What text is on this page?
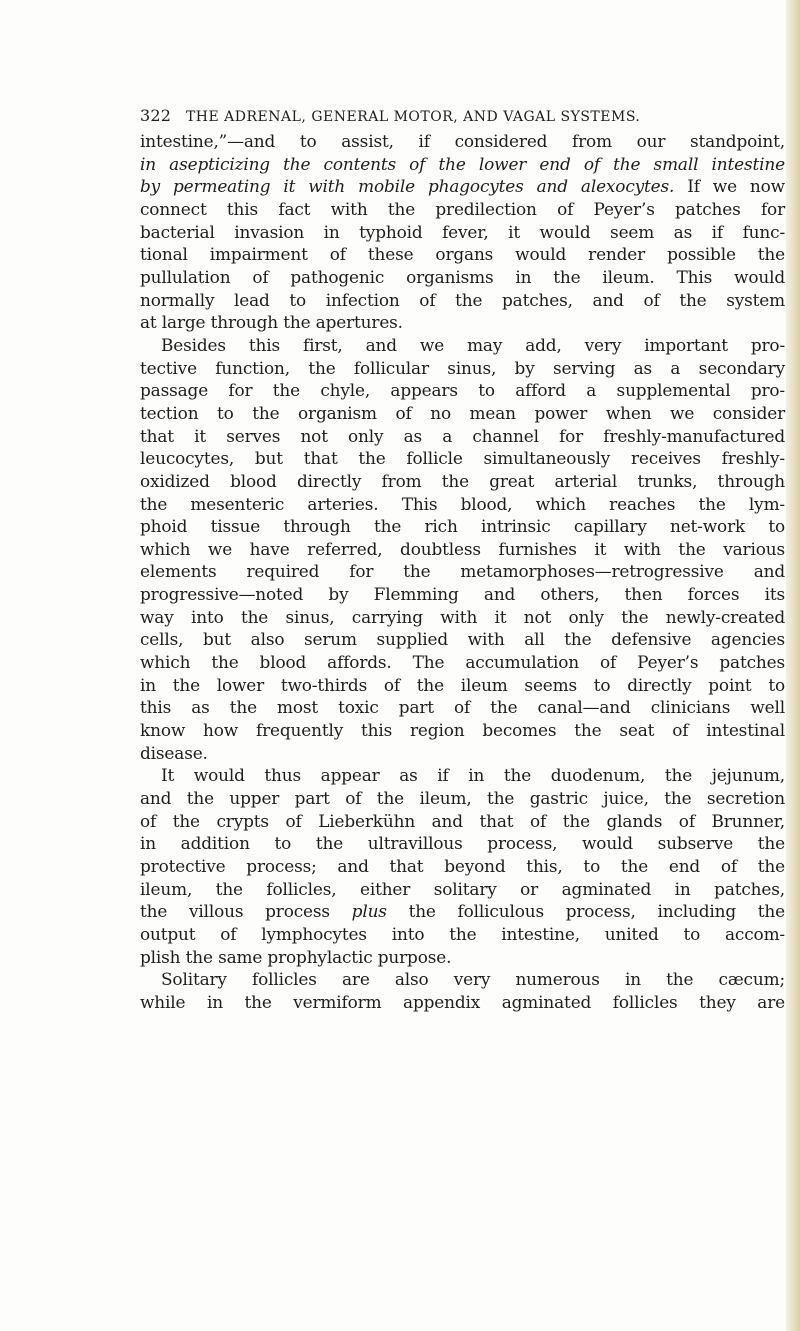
322 THE ADRENAL, GENERAL MOTOR, AND VAGAL SYSTEMS.
intestine,”—and to assist, if considered from our standpoint,
in asepticizing the contents of the lower end of the small intestine
by permeating it with mobile phagocytes and alexocytes. If we now
connect this fact with the predilection of Peyer’s patches for
bacterial invasion in typhoid fever, it would seem as if func-
tional impairment of these organs would render possible the
pullulation of pathogenic organisms in the ileum. This would
normally lead to infection of the patches, and of the system
at large through the apertures.
Besides this first, and we may add, very important pro-
tective function, the follicular sinus, by serving as a secondary
passage for the chyle, appears to afford a supplemental pro-
tection to the organism of no mean power when we consider
that it serves not only as a channel for freshly-manufactured
leucocytes, but that the follicle simultaneously receives freshly-
oxidized blood directly from the great arterial trunks, through
the mesenteric arteries. This blood, which reaches the lym-
phoid tissue through the rich intrinsic capillary net-work to
which we have referred, doubtless furnishes it with the various
elements required for the metamorphoses—retrogressive and
progressive—noted by Flemming and others, then forces its
way into the sinus, carrying with it not only the newly-created
cells, but also serum supplied with all the defensive agencies
which the blood affords. The accumulation of Peyer’s patches
in the lower two-thirds of the ileum seems to directly point to
this as the most toxic part of the canal—and clinicians well
know how frequently this region becomes the seat of intestinal
disease.
It would thus appear as if in the duodenum, the jejunum,
and the upper part of the ileum, the gastric juice, the secretion
of the crypts of Lieberkühn and that of the glands of Brunner,
in addition to the ultravillous process, would subserve the
protective process; and that beyond this, to the end of the
ileum, the follicles, either solitary or agminated in patches,
the villous process plus the folliculous process, including the
output of lymphocytes into the intestine, united to accom-
plish the same prophylactic purpose.
Solitary follicles are also very numerous in the cæcum;
while in the vermiform appendix agminated follicles they are
